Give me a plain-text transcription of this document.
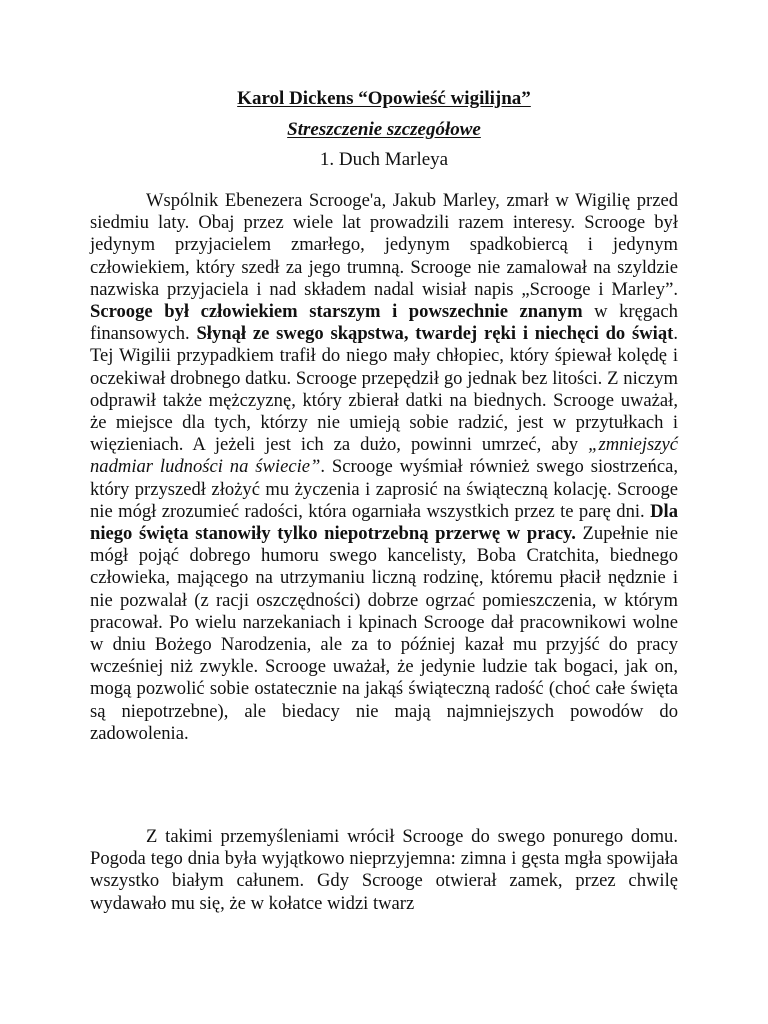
Karol Dickens “Opowieść wigilijna”
Streszczenie szczegółowe
1. Duch Marleya

Wspólnik Ebenezera Scrooge'a, Jakub Marley, zmarł w Wigilię przed siedmiu laty. Obaj przez wiele lat prowadzili razem interesy. Scrooge był jedynym przyjacielem zmarłego, jedynym spadkobiercą i jedynym człowiekiem, który szedł za jego trumną. Scrooge nie zamalował na szyldzie nazwiska przyjaciela i nad składem nadal wisiał napis „Scrooge i Marley”. Scrooge był człowiekiem starszym i powszechnie znanym w kręgach finansowych. Słynął ze swego skąpstwa, twardej ręki i niechęci do świąt. Tej Wigilii przypadkiem trafił do niego mały chłopiec, który śpiewał kolędę i oczekiwał drobnego datku. Scrooge przepędził go jednak bez litości. Z niczym odprawił także mężczyznę, który zbierał datki na biednych. Scrooge uważał, że miejsce dla tych, którzy nie umieją sobie radzić, jest w przytułkach i więzieniach. A jeżeli jest ich za dużo, powinni umrzeć, aby „zmniejszyć nadmiar ludności na świecie”. Scrooge wyśmiał również swego siostrzeńca, który przyszedł złożyć mu życzenia i zaprosić na świąteczną kolację. Scrooge nie mógł zrozumieć radości, która ogarniała wszystkich przez te parę dni. Dla niego święta stanowiły tylko niepotrzebną przerwę w pracy. Zupełnie nie mógł pojąć dobrego humoru swego kancelisty, Boba Cratchita, biednego człowieka, mającego na utrzymaniu liczną rodzinę, któremu płacił nędznie i nie pozwalał (z racji oszczędności) dobrze ogrzać pomieszczenia, w którym pracował. Po wielu narzekaniach i kpinach Scrooge dał pracownikowi wolne w dniu Bożego Narodzenia, ale za to później kazał mu przyjść do pracy wcześniej niż zwykle. Scrooge uważał, że jedynie ludzie tak bogaci, jak on, mogą pozwolić sobie ostatecznie na jakąś świąteczną radość (choć całe święta są niepotrzebne), ale biedacy nie mają najmniejszych powodów do zadowolenia.

Z takimi przemyśleniami wrócił Scrooge do swego ponurego domu. Pogoda tego dnia była wyjątkowo nieprzyjemna: zimna i gęsta mgła spowijała wszystko białym całunem. Gdy Scrooge otwierał zamek, przez chwilę wydawało mu się, że w kołatce widzi twarz
